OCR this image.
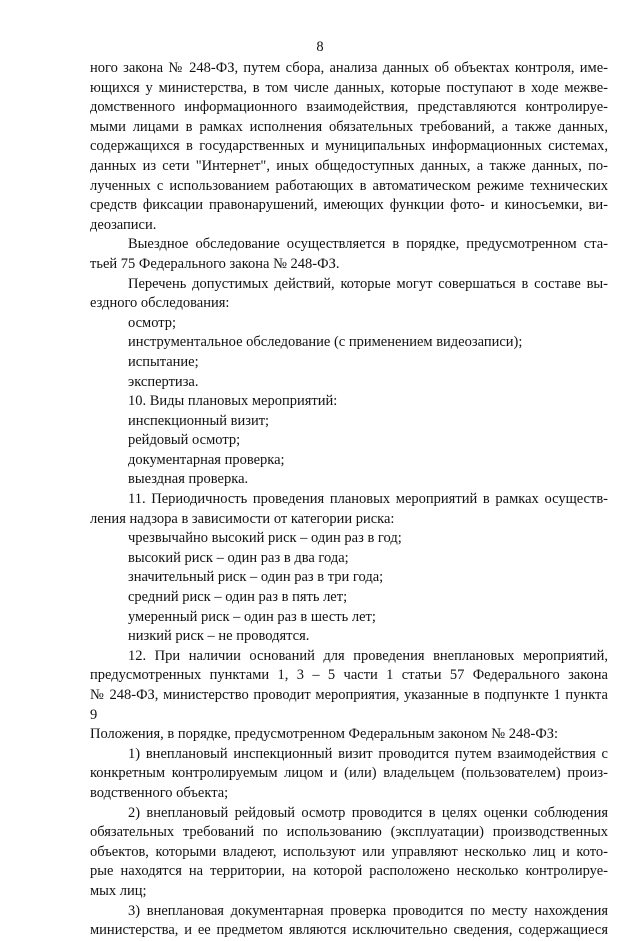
8
ного закона № 248-ФЗ, путем сбора, анализа данных об объектах контроля, име-
ющихся у министерства, в том числе данных, которые поступают в ходе межве-
домственного информационного взаимодействия, представляются контролируе-
мыми лицами в рамках исполнения обязательных требований, а также данных,
содержащихся в государственных и муниципальных информационных системах,
данных из сети "Интернет", иных общедоступных данных, а также данных, по-
лученных с использованием работающих в автоматическом режиме технических
средств фиксации правонарушений, имеющих функции фото- и киносъемки, ви-
деозаписи.
Выездное обследование осуществляется в порядке, предусмотренном ста-
тьей 75 Федерального закона № 248-ФЗ.
Перечень допустимых действий, которые могут совершаться в составе вы-
ездного обследования:

осмотр;

инструментальное обследование (с применением видеозаписи);

испытание;

экспертиза.

10. Виды плановых мероприятий:

инспекционный визит;

рейдовый осмотр;

документарная проверка;

выездная проверка.

11. Периодичность проведения плановых мероприятий в рамках осуществ-
ления надзора в зависимости от категории риска:

чрезвычайно высокий риск – один раз в год;

высокий риск – один раз в два года;

значительный риск – один раз в три года;

средний риск – один раз в пять лет;

умеренный риск – один раз в шесть лет;

низкий риск – не проводятся.

12. При наличии оснований для проведения внеплановых мероприятий,
предусмотренных пунктами 1, 3 – 5 части 1 статьи 57 Федерального закона
№ 248-ФЗ, министерство проводит мероприятия, указанные в подпункте 1 пункта 9
Положения, в порядке, предусмотренном Федеральным законом № 248-ФЗ:
1) внеплановый инспекционный визит проводится путем взаимодействия с
конкретным контролируемым лицом и (или) владельцем (пользователем) произ-
водственного объекта;
2) внеплановый рейдовый осмотр проводится в целях оценки соблюдения
обязательных требований по использованию (эксплуатации) производственных
объектов, которыми владеют, используют или управляют несколько лиц и кото-
рые находятся на территории, на которой расположено несколько контролируе-
мых лиц;
3) внеплановая документарная проверка проводится по месту нахождения
министерства, и ее предметом являются исключительно сведения, содержащиеся
